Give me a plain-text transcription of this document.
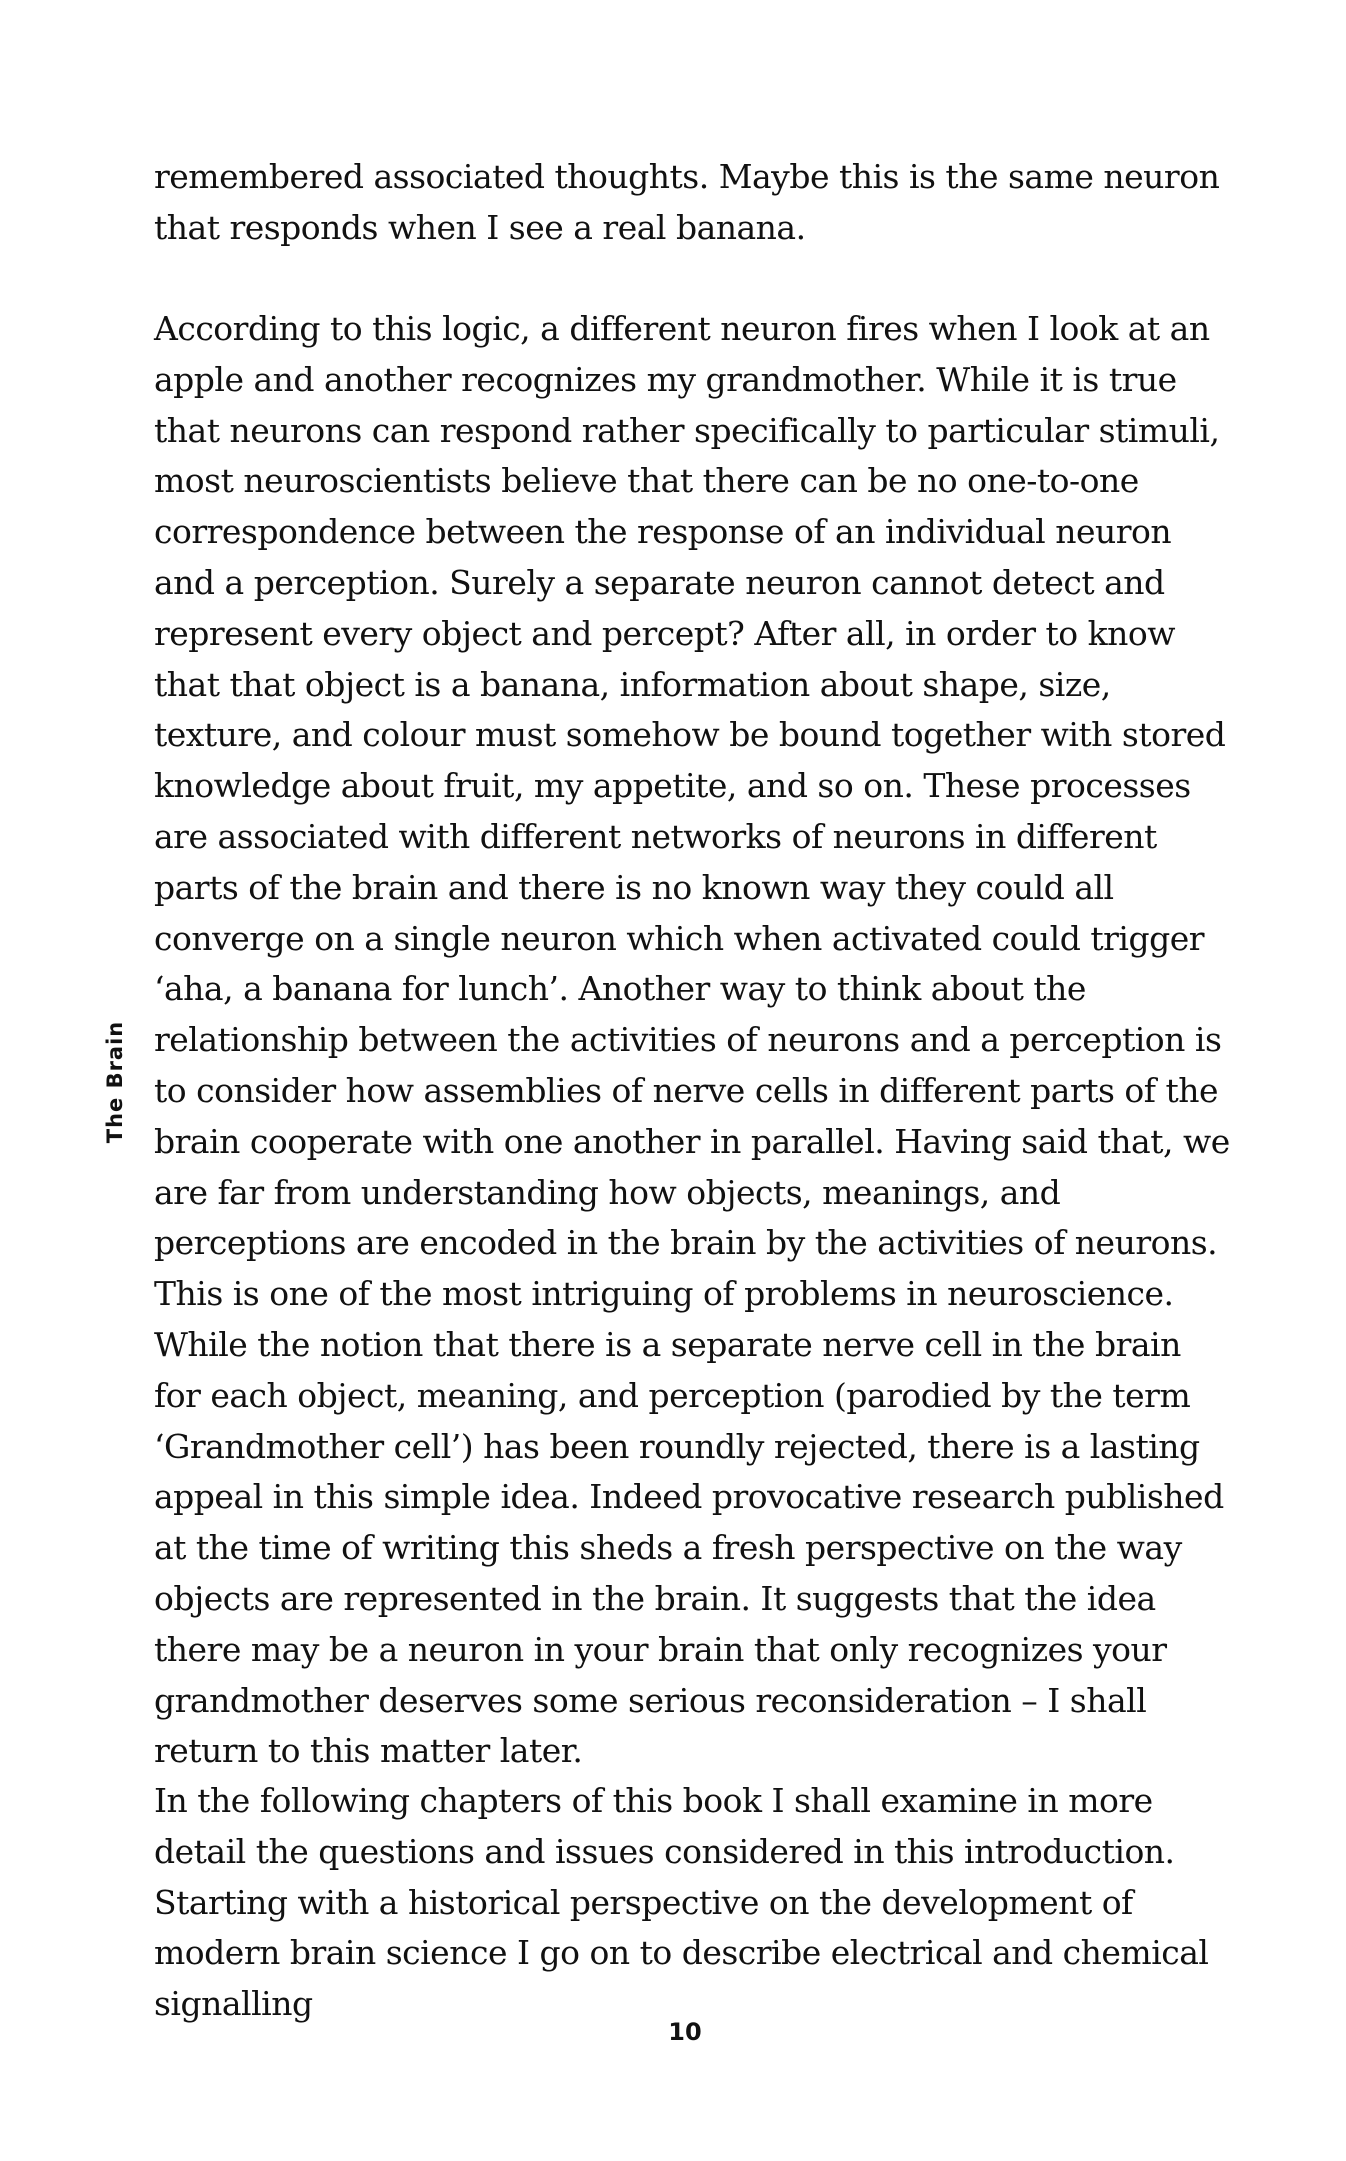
The Brain

remembered associated thoughts. Maybe this is the same neuron that responds when I see a real banana.

According to this logic, a different neuron fires when I look at an apple and another recognizes my grandmother. While it is true that neurons can respond rather specifically to particular stimuli, most neuroscientists believe that there can be no one-to-one correspondence between the response of an individual neuron and a perception. Surely a separate neuron cannot detect and represent every object and percept? After all, in order to know that that object is a banana, information about shape, size, texture, and colour must somehow be bound together with stored knowledge about fruit, my appetite, and so on. These processes are associated with different networks of neurons in different parts of the brain and there is no known way they could all converge on a single neuron which when activated could trigger ‘aha, a banana for lunch’. Another way to think about the relationship between the activities of neurons and a perception is to consider how assemblies of nerve cells in different parts of the brain cooperate with one another in parallel. Having said that, we are far from understanding how objects, meanings, and perceptions are encoded in the brain by the activities of neurons. This is one of the most intriguing of problems in neuroscience. While the notion that there is a separate nerve cell in the brain for each object, meaning, and perception (parodied by the term ‘Grandmother cell’) has been roundly rejected, there is a lasting appeal in this simple idea. Indeed provocative research published at the time of writing this sheds a fresh perspective on the way objects are represented in the brain. It suggests that the idea there may be a neuron in your brain that only recognizes your grandmother deserves some serious reconsideration – I shall return to this matter later.

In the following chapters of this book I shall examine in more detail the questions and issues considered in this introduction. Starting with a historical perspective on the development of modern brain science I go on to describe electrical and chemical signalling

10
